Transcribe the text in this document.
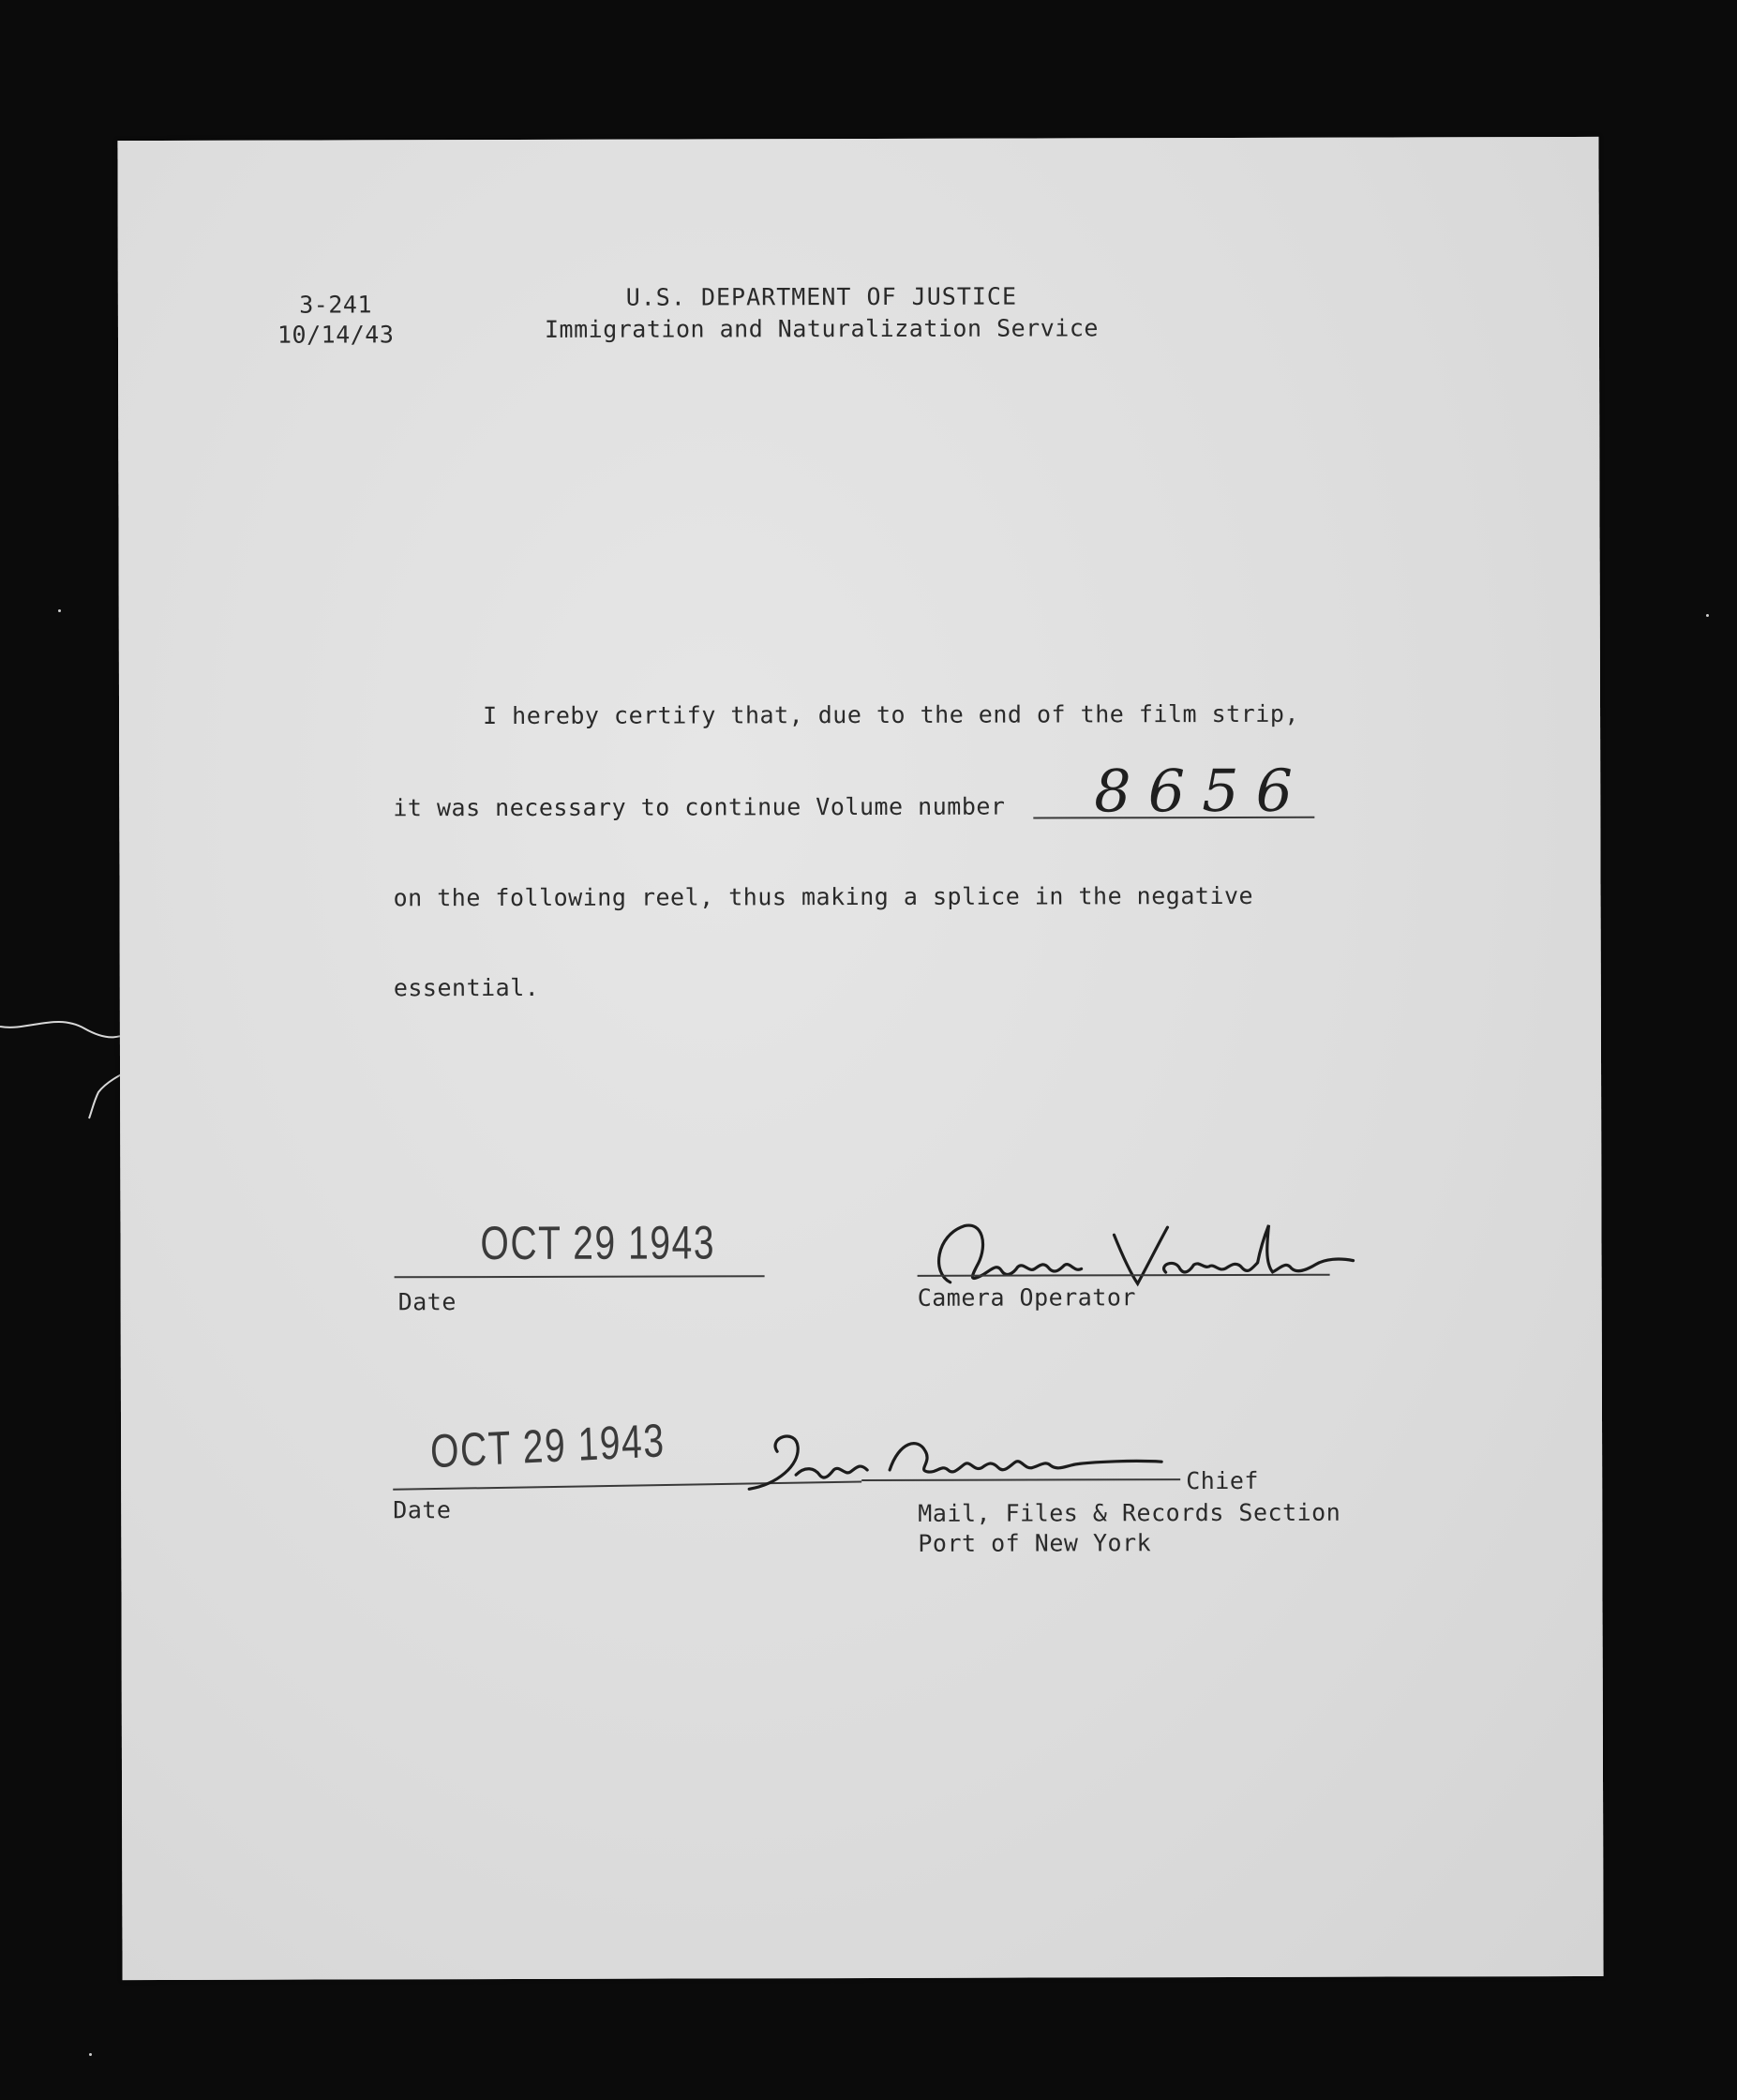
3-241
10/14/43
U.S. DEPARTMENT OF JUSTICE
Immigration and Naturalization Service
I hereby certify that, due to the end of the film strip,
it was necessary to continue Volume number 8656
on the following reel, thus making a splice in the negative
essential.
OCT 29 1943
Date	Camera Operator
OCT 29 1943
Date
Chief
Mail, Files & Records Section
Port of New York
